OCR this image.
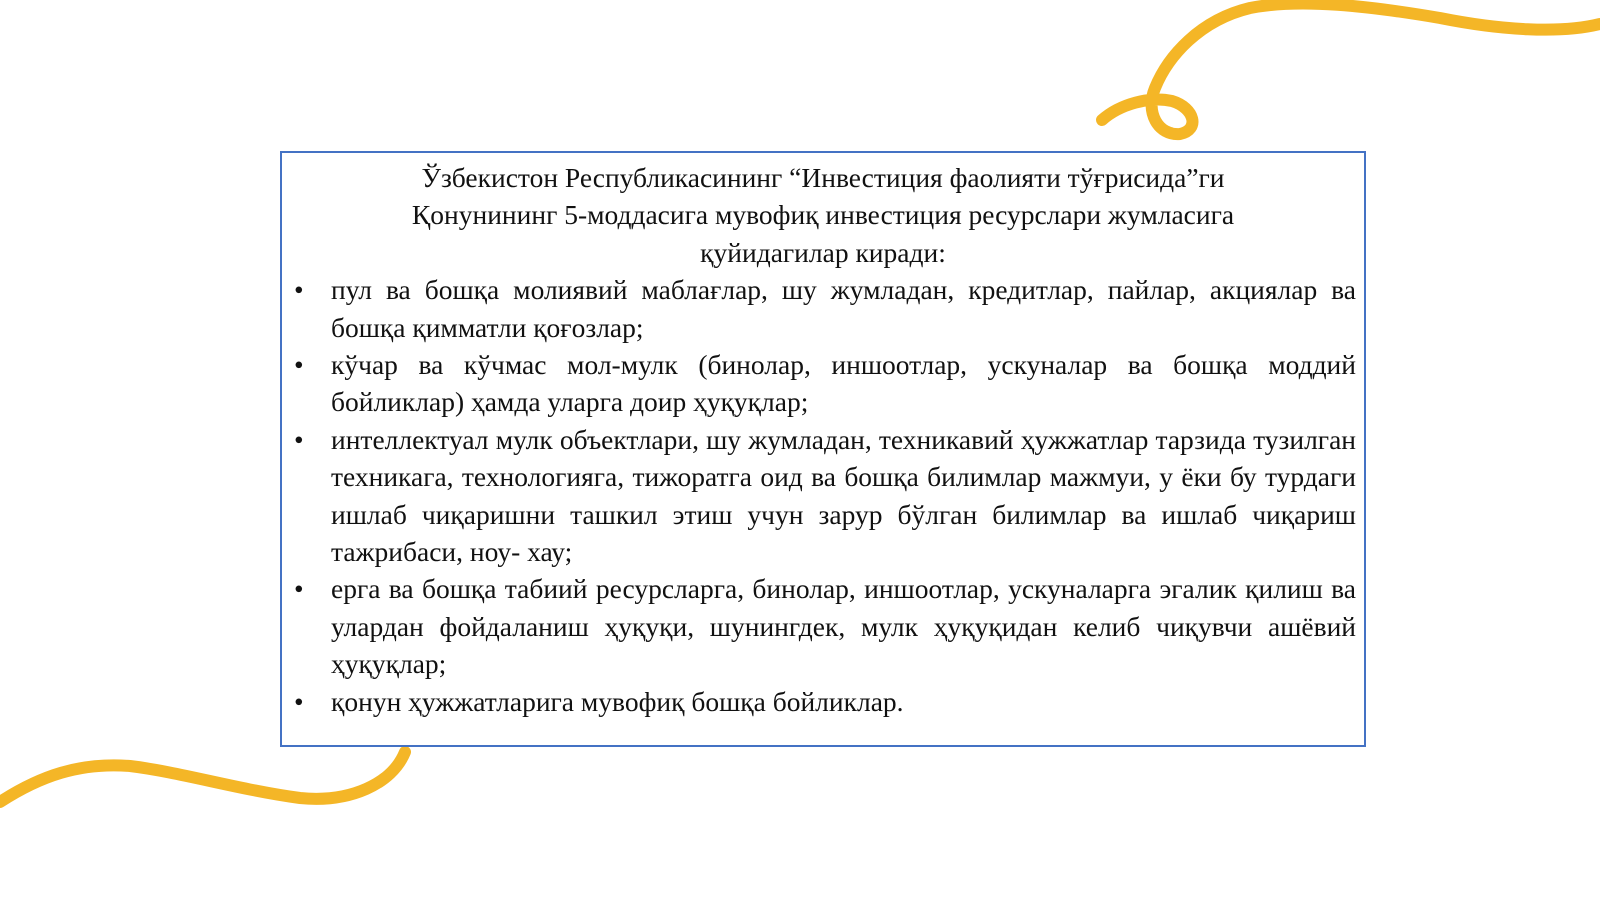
Ўзбекистон Республикасининг “Инвестиция фаолияти тўғрисида”ги
Қонунининг 5-моддасига мувофиқ инвестиция ресурслари жумласига
қуйидагилар киради:
• пул ва бошқа молиявий маблағлар, шу жумладан, кредитлар, пайлар, акциялар ва бошқа қимматли қоғозлар;
• кўчар ва кўчмас мол-мулк (бинолар, иншоотлар, ускуналар ва бошқа моддий бойликлар) ҳамда уларга доир ҳуқуқлар;
• интеллектуал мулк объектлари, шу жумладан, техникавий ҳужжатлар тарзида тузилган техникага, технологияга, тижоратга оид ва бошқа билимлар мажмуи, у ёки бу турдаги ишлаб чиқаришни ташкил этиш учун зарур бўлган билимлар ва ишлаб чиқариш тажрибаси, ноу- хау;
• ерга ва бошқа табиий ресурсларга, бинолар, иншоотлар, ускуналарга эгалик қилиш ва улардан фойдаланиш ҳуқуқи, шунингдек, мулк ҳуқуқидан келиб чиқувчи ашёвий ҳуқуқлар;
• қонун ҳужжатларига мувофиқ бошқа бойликлар.
